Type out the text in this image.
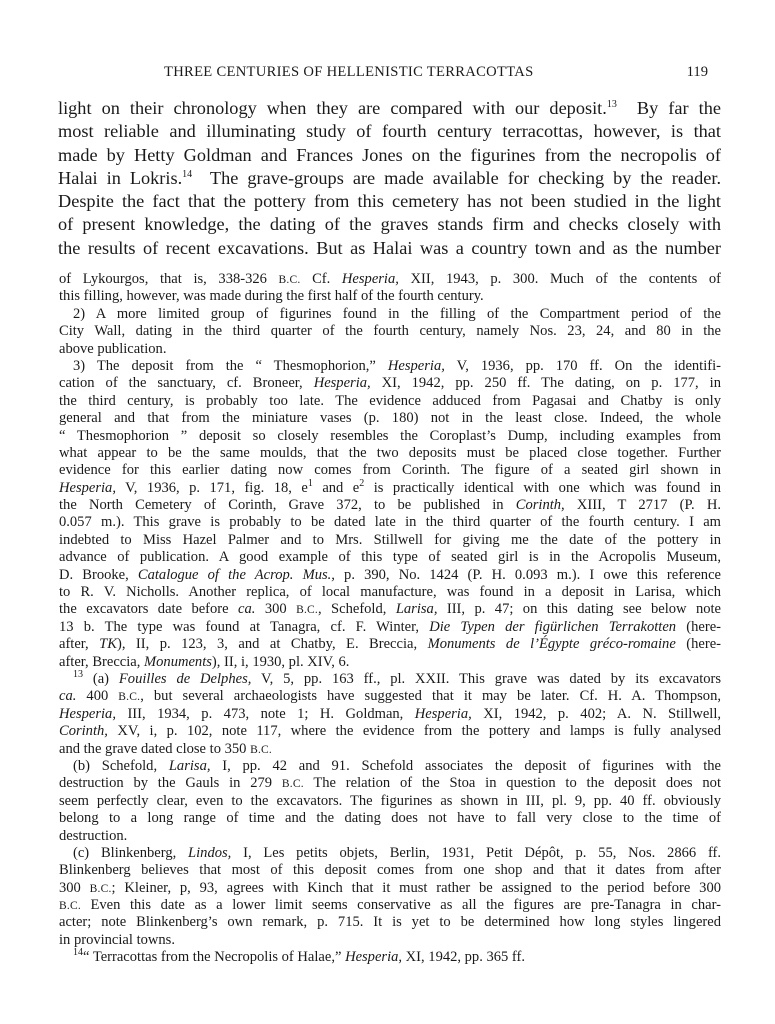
THREE CENTURIES OF HELLENISTIC TERRACOTTAS	119
light on their chronology when they are compared with our deposit.$^{13}$ By far the
most reliable and illuminating study of fourth century terracottas, however, is that
made by Hetty Goldman and Frances Jones on the figurines from the necropolis of
Halai in Lokris.$^{14}$ The grave-groups are made available for checking by the reader.
Despite the fact that the pottery from this cemetery has not been studied in the light
of present knowledge, the dating of the graves stands firm and checks closely with
the results of recent excavations. But as Halai was a country town and as the number
of Lykourgos, that is, 338-326 B.C. Cf. Hesperia, XII, 1943, p. 300. Much of the contents of
this filling, however, was made during the first half of the fourth century.
2) A more limited group of figurines found in the filling of the Compartment period of the
City Wall, dating in the third quarter of the fourth century, namely Nos. 23, 24, and 80 in the
above publication.
3) The deposit from the “ Thesmophorion,” Hesperia, V, 1936, pp. 170 ff. On the identifi-
cation of the sanctuary, cf. Broneer, Hesperia, XI, 1942, pp. 250 ff. The dating, on p. 177, in
the third century, is probably too late. The evidence adduced from Pagasai and Chatby is only
general and that from the miniature vases (p. 180) not in the least close. Indeed, the whole
“ Thesmophorion ” deposit so closely resembles the Coroplast’s Dump, including examples from
what appear to be the same moulds, that the two deposits must be placed close together. Further
evidence for this earlier dating now comes from Corinth. The figure of a seated girl shown in
Hesperia, V, 1936, p. 171, fig. 18, $e^1$ and $e^2$ is practically identical with one which was found in
the North Cemetery of Corinth, Grave 372, to be published in Corinth, XIII, T 2717 (P. H.
0.057 m.). This grave is probably to be dated late in the third quarter of the fourth century. I am
indebted to Miss Hazel Palmer and to Mrs. Stillwell for giving me the date of the pottery in
advance of publication. A good example of this type of seated girl is in the Acropolis Museum,
D. Brooke, Catalogue of the Acrop. Mus., p. 390, No. 1424 (P. H. 0.093 m.). I owe this reference
to R. V. Nicholls. Another replica, of local manufacture, was found in a deposit in Larisa, which
the excavators date before ca. 300 B.C., Schefold, Larisa, III, p. 47; on this dating see below note
13 b. The type was found at Tanagra, cf. F. Winter, Die Typen der figürlichen Terrakotten (here-
after, TK), II, p. 123, 3, and at Chatby, E. Breccia, Monuments de l’Égypte gréco-romaine (here-
after, Breccia, Monuments), II, i, 1930, pl. XIV, 6.
$^{13}$ (a) Fouilles de Delphes, V, 5, pp. 163 ff., pl. XXII. This grave was dated by its excavators
ca. 400 B.C., but several archaeologists have suggested that it may be later. Cf. H. A. Thompson,
Hesperia, III, 1934, p. 473, note 1; H. Goldman, Hesperia, XI, 1942, p. 402; A. N. Stillwell,
Corinth, XV, i, p. 102, note 117, where the evidence from the pottery and lamps is fully analysed
and the grave dated close to 350 B.C.
(b) Schefold, Larisa, I, pp. 42 and 91. Schefold associates the deposit of figurines with the
destruction by the Gauls in 279 B.C. The relation of the Stoa in question to the deposit does not
seem perfectly clear, even to the excavators. The figurines as shown in III, pl. 9, pp. 40 ff. obviously
belong to a long range of time and the dating does not have to fall very close to the time of
destruction.
(c) Blinkenberg, Lindos, I, Les petits objets, Berlin, 1931, Petit Dépôt, p. 55, Nos. 2866 ff.
Blinkenberg believes that most of this deposit comes from one shop and that it dates from after
300 B.C.; Kleiner, p, 93, agrees with Kinch that it must rather be assigned to the period before 300
B.C. Even this date as a lower limit seems conservative as all the figures are pre-Tanagra in char-
acter; note Blinkenberg’s own remark, p. 715. It is yet to be determined how long styles lingered
in provincial towns.
$^{14}$“ Terracottas from the Necropolis of Halae,” Hesperia, XI, 1942, pp. 365 ff.
